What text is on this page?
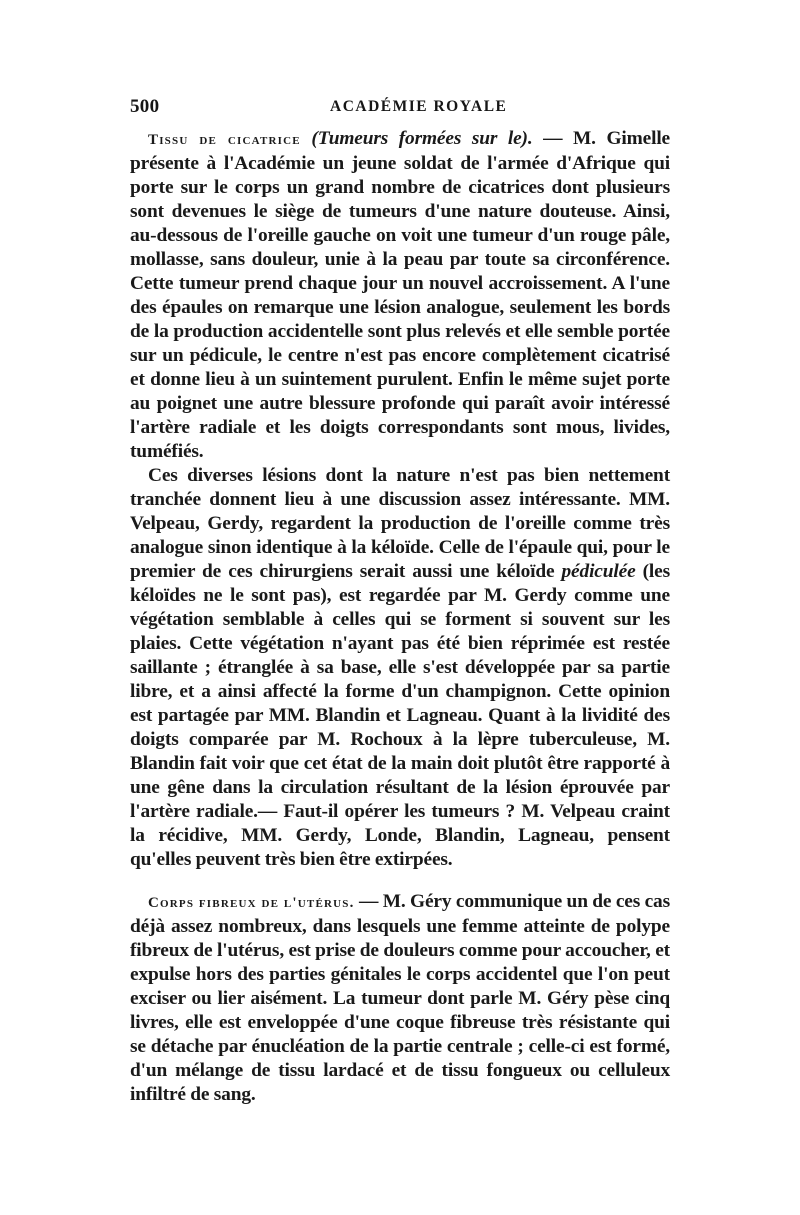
500	ACADÉMIE ROYALE

Tissu de cicatrice (Tumeurs formées sur le). — M. Gimelle présente à l'Académie un jeune soldat de l'armée d'Afrique qui porte sur le corps un grand nombre de cicatrices dont plusieurs sont devenues le siège de tumeurs d'une nature douteuse. Ainsi, au-dessous de l'oreille gauche on voit une tumeur d'un rouge pâle, mollasse, sans douleur, unie à la peau par toute sa circonférence. Cette tumeur prend chaque jour un nouvel accroissement. A l'une des épaules on remarque une lésion analogue, seulement les bords de la production accidentelle sont plus relevés et elle semble portée sur un pédicule, le centre n'est pas encore complètement cicatrisé et donne lieu à un suintement purulent. Enfin le même sujet porte au poignet une autre blessure profonde qui paraît avoir intéressé l'artère radiale et les doigts correspondants sont mous, livides, tuméfiés.

Ces diverses lésions dont la nature n'est pas bien nettement tranchée donnent lieu à une discussion assez intéressante. MM. Velpeau, Gerdy, regardent la production de l'oreille comme très analogue sinon identique à la kéloïde. Celle de l'épaule qui, pour le premier de ces chirurgiens serait aussi une kéloïde pédiculée (les kéloïdes ne le sont pas), est regardée par M. Gerdy comme une végétation semblable à celles qui se forment si souvent sur les plaies. Cette végétation n'ayant pas été bien réprimée est restée saillante ; étranglée à sa base, elle s'est développée par sa partie libre, et a ainsi affecté la forme d'un champignon. Cette opinion est partagée par MM. Blandin et Lagneau. Quant à la lividité des doigts comparée par M. Rochoux à la lèpre tuberculeuse, M. Blandin fait voir que cet état de la main doit plutôt être rapporté à une gêne dans la circulation résultant de la lésion éprouvée par l'artère radiale.— Faut-il opérer les tumeurs ? M. Velpeau craint la récidive, MM. Gerdy, Londe, Blandin, Lagneau, pensent qu'elles peuvent très bien être extirpées.

Corps fibreux de l'utérus. — M. Géry communique un de ces cas déjà assez nombreux, dans lesquels une femme atteinte de polype fibreux de l'utérus, est prise de douleurs comme pour accoucher, et expulse hors des parties génitales le corps accidentel que l'on peut exciser ou lier aisément. La tumeur dont parle M. Géry pèse cinq livres, elle est enveloppée d'une coque fibreuse très résistante qui se détache par énucléation de la partie centrale ; celle-ci est formé, d'un mélange de tissu lardacé et de tissu fongueux ou celluleux infiltré de sang.
